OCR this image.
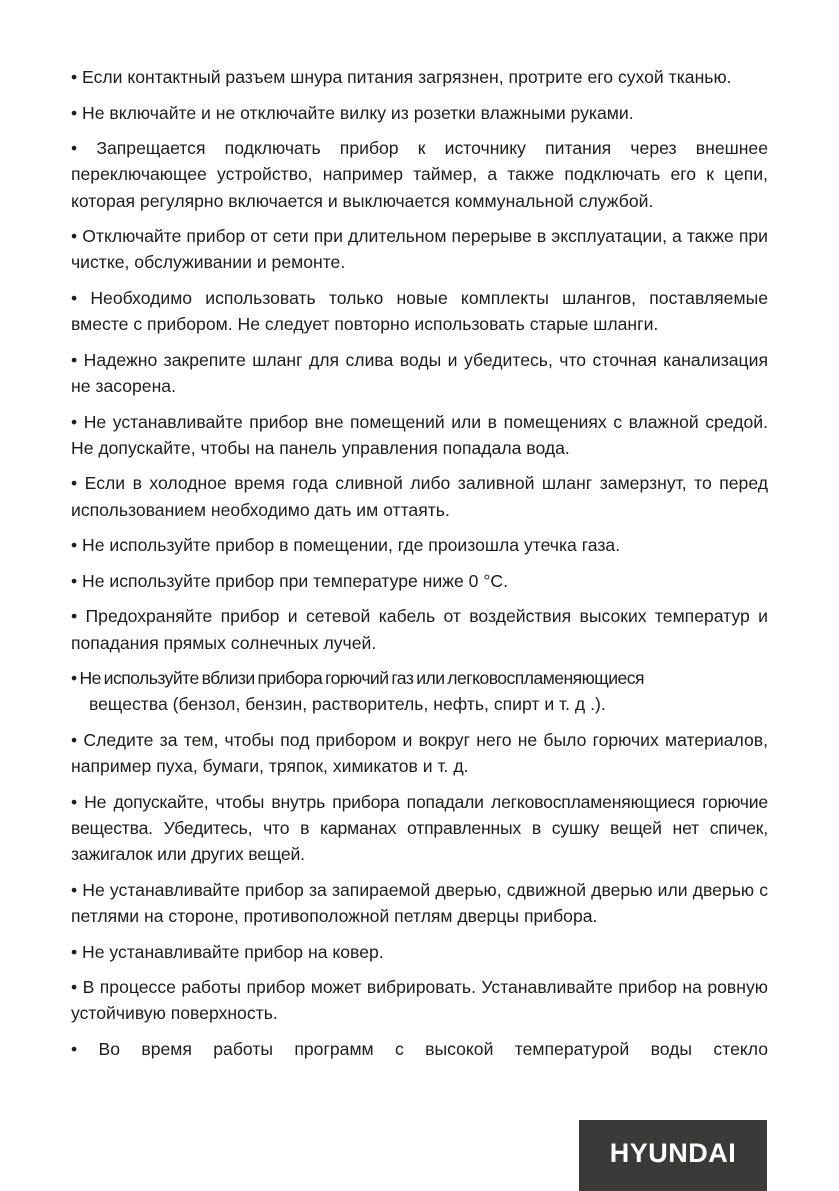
• Если контактный разъем шнура питания загрязнен, протрите его сухой тканью.

• Не включайте и не отключайте вилку из розетки влажными руками.

• Запрещается подключать прибор к источнику питания через внешнее переключающее устройство, например таймер, а также подключать его к цепи, которая регулярно включается и выключается коммунальной службой.

• Отключайте прибор от сети при длительном перерыве в эксплуатации, а также при чистке, обслуживании и ремонте.

• Необходимо использовать только новые комплекты шлангов, поставляемые вместе с прибором. Не следует повторно использовать старые шланги.

• Надежно закрепите шланг для слива воды и убедитесь, что сточная канализация не засорена.

• Не устанавливайте прибор вне помещений или в помещениях с влажной средой. Не допускайте, чтобы на панель управления попадала вода.

• Если в холодное время года сливной либо заливной шланг замерзнут, то перед использованием необходимо дать им оттаять.

• Не используйте прибор в помещении, где произошла утечка газа.

• Не используйте прибор при температуре ниже 0 °C.

• Предохраняйте прибор и сетевой кабель от воздействия высоких температур и попадания прямых солнечных лучей.

• Не используйте вблизи прибора горючий газ или легковоспламеняющиеся
вещества (бензол, бензин, растворитель, нефть, спирт и т. д .).

• Следите за тем, чтобы под прибором и вокруг него не было горючих материалов, например пуха, бумаги, тряпок, химикатов и т. д.

• Не допускайте, чтобы внутрь прибора попадали легковоспламеняющиеся горючие вещества. Убедитесь, что в карманах отправленных в сушку вещей нет спичек, зажигалок или других вещей.

• Не устанавливайте прибор за запираемой дверью, сдвижной дверью или дверью с петлями на стороне, противоположной петлям дверцы прибора.

• Не устанавливайте прибор на ковер.

• В процессе работы прибор может вибрировать. Устанавливайте прибор на ровную устойчивую поверхность.

• Во время работы программ с высокой температурой воды стекло

HYUNDAI
